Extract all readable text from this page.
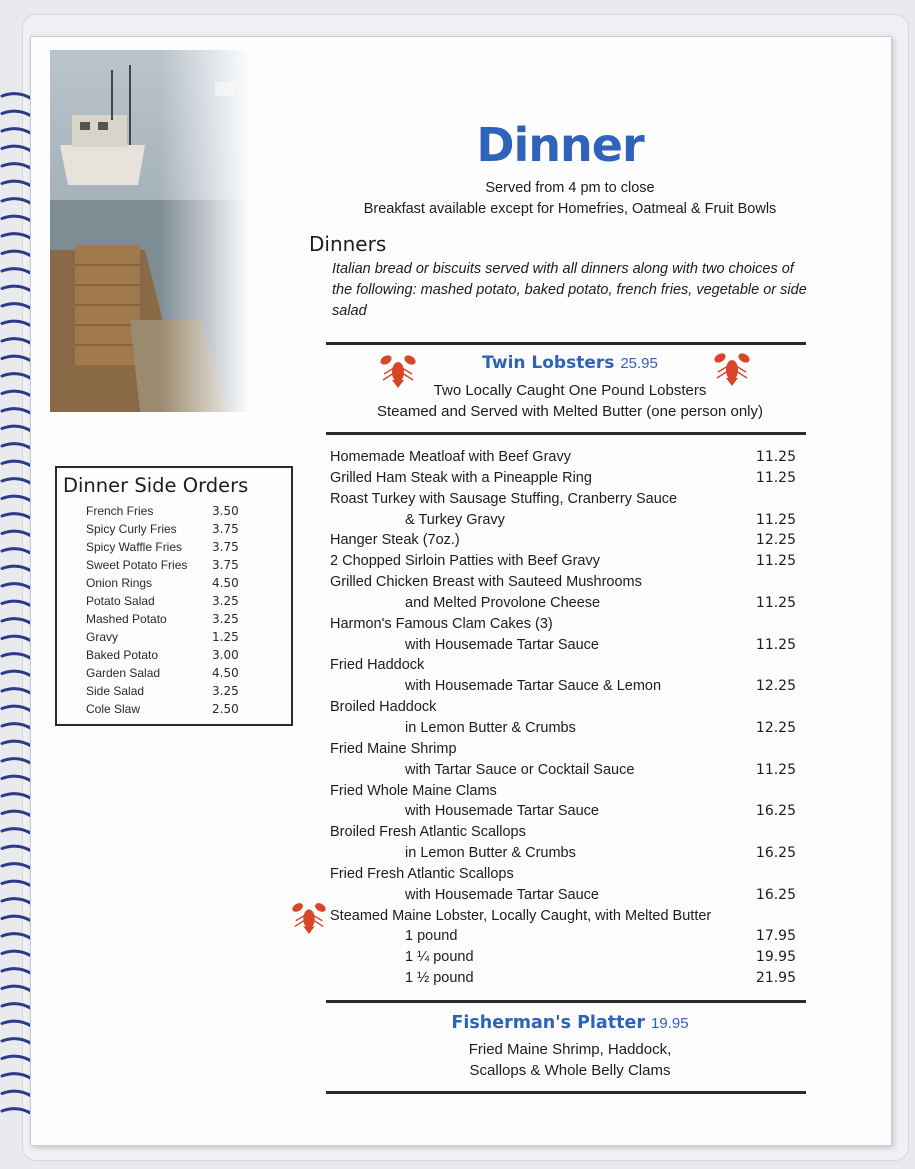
Dinner
Served from 4 pm to close
Breakfast available except for Homefries, Oatmeal & Fruit Bowls
Dinners
Italian bread or biscuits served with all dinners along with two choices of the following: mashed potato, baked potato, french fries, vegetable or side salad
Twin Lobsters 25.95
Two Locally Caught One Pound Lobsters
Steamed and Served with Melted Butter (one person only)
Homemade Meatloaf with Beef Gravy	11.25
Grilled Ham Steak with a Pineapple Ring	11.25
Roast Turkey with Sausage Stuffing, Cranberry Sauce
& Turkey Gravy	11.25
Hanger Steak (7oz.)	12.25
2 Chopped Sirloin Patties with Beef Gravy	11.25
Grilled Chicken Breast with Sauteed Mushrooms
and Melted Provolone Cheese	11.25
Harmon's Famous Clam Cakes (3)
with Housemade Tartar Sauce	11.25
Fried Haddock
with Housemade Tartar Sauce & Lemon	12.25
Broiled Haddock
in Lemon Butter & Crumbs	12.25
Fried Maine Shrimp
with Tartar Sauce or Cocktail Sauce	11.25
Fried Whole Maine Clams
with Housemade Tartar Sauce	16.25
Broiled Fresh Atlantic Scallops
in Lemon Butter & Crumbs	16.25
Fried Fresh Atlantic Scallops
with Housemade Tartar Sauce	16.25
Steamed Maine Lobster, Locally Caught, with Melted Butter
1 pound	17.95
1 ¼ pound	19.95
1 ½ pound	21.95
Fisherman's Platter 19.95
Fried Maine Shrimp, Haddock,
Scallops & Whole Belly Clams
Dinner Side Orders
French Fries	3.50
Spicy Curly Fries	3.75
Spicy Waffle Fries 3.75
Sweet Potato Fries 3.75
Onion Rings	4.50
Potato Salad	3.25
Mashed Potato	3.25
Gravy	1.25
Baked Potato	3.00
Garden Salad	4.50
Side Salad	3.25
Cole Slaw	2.50
